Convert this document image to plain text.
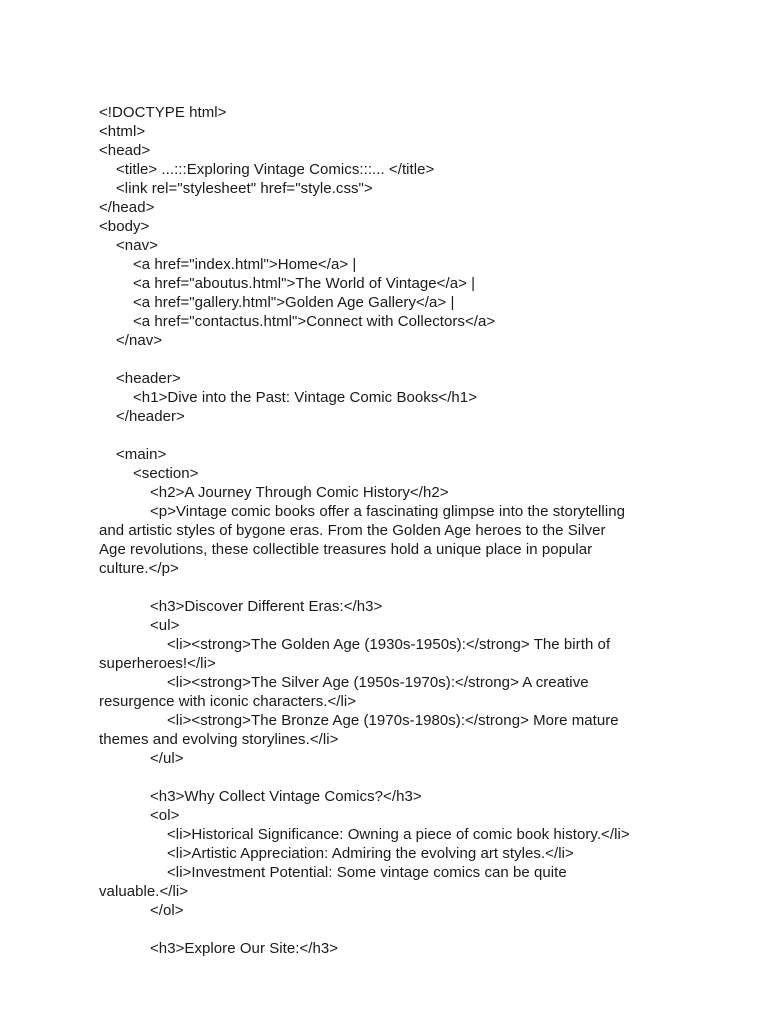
<!DOCTYPE html>
<html>
<head>
<title> ...:::Exploring Vintage Comics:::... </title>
<link rel="stylesheet" href="style.css">
</head>
<body>
<nav>
<a href="index.html">Home</a> |
<a href="aboutus.html">The World of Vintage</a> |
<a href="gallery.html">Golden Age Gallery</a> |
<a href="contactus.html">Connect with Collectors</a>
</nav>
<header>
<h1>Dive into the Past: Vintage Comic Books</h1>
</header>
<main>
<section>
<h2>A Journey Through Comic History</h2>
<p>Vintage comic books offer a fascinating glimpse into the storytelling
and artistic styles of bygone eras. From the Golden Age heroes to the Silver
Age revolutions, these collectible treasures hold a unique place in popular
culture.</p>
<h3>Discover Different Eras:</h3>
<ul>
<li><strong>The Golden Age (1930s-1950s):</strong> The birth of
superheroes!</li>
<li><strong>The Silver Age (1950s-1970s):</strong> A creative
resurgence with iconic characters.</li>
<li><strong>The Bronze Age (1970s-1980s):</strong> More mature
themes and evolving storylines.</li>
</ul>
<h3>Why Collect Vintage Comics?</h3>
<ol>
<li>Historical Significance: Owning a piece of comic book history.</li>
<li>Artistic Appreciation: Admiring the evolving art styles.</li>
<li>Investment Potential: Some vintage comics can be quite
valuable.</li>
</ol>
<h3>Explore Our Site:</h3>
